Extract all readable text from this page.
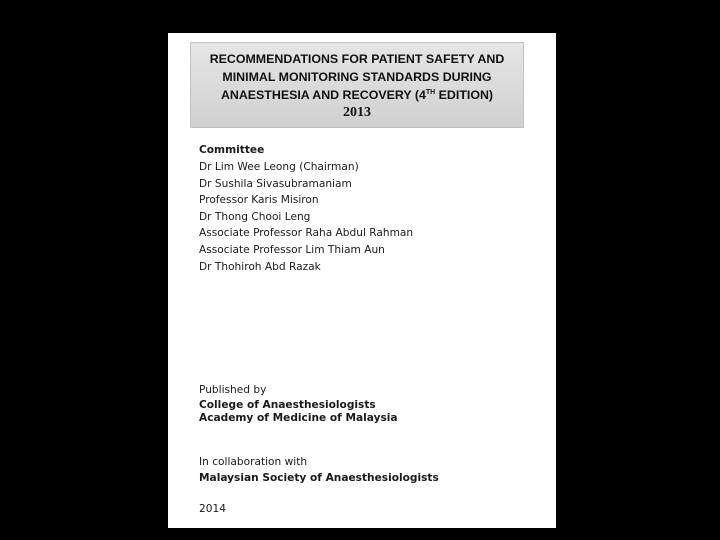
RECOMMENDATIONS FOR PATIENT SAFETY AND
MINIMAL MONITORING STANDARDS DURING
ANAESTHESIA AND RECOVERY (4TH EDITION)
2013
Committee
Dr Lim Wee Leong (Chairman)
Dr Sushila Sivasubramaniam
Professor Karis Misiron
Dr Thong Chooi Leng
Associate Professor Raha Abdul Rahman
Associate Professor Lim Thiam Aun
Dr Thohiroh Abd Razak
Published by
College of Anaesthesiologists
Academy of Medicine of Malaysia
In collaboration with
Malaysian Society of Anaesthesiologists
2014
